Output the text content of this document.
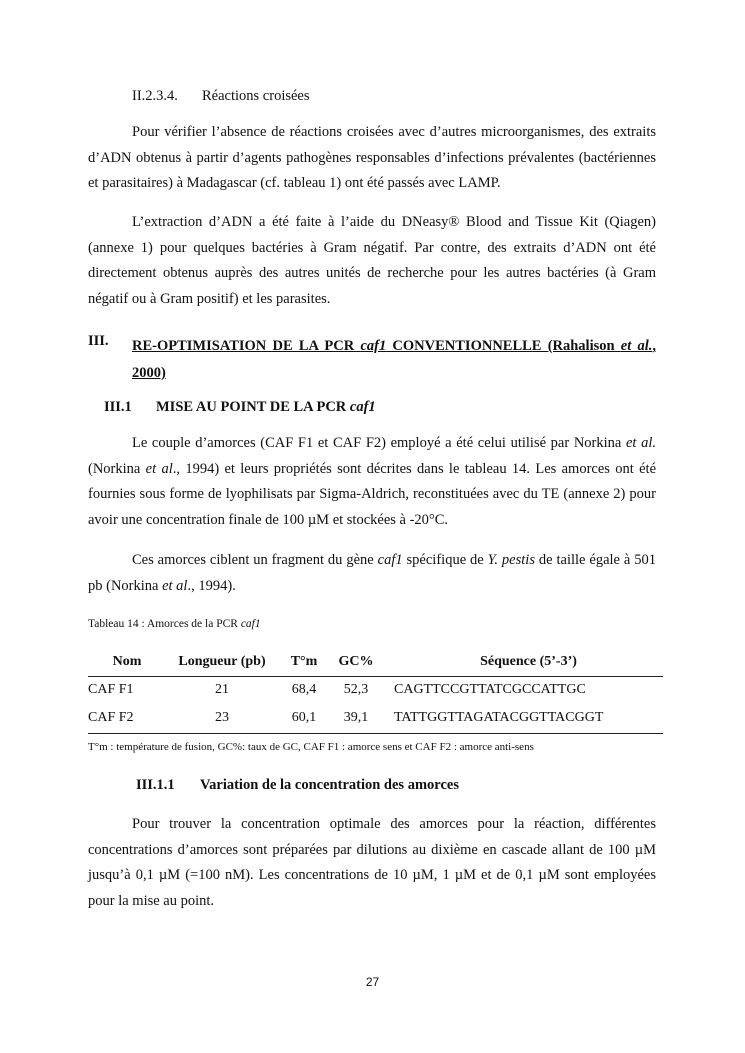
II.2.3.4. Réactions croisées
Pour vérifier l’absence de réactions croisées avec d’autres microorganismes, des extraits d’ADN obtenus à partir d’agents pathogènes responsables d’infections prévalentes (bactériennes et parasitaires) à Madagascar (cf. tableau 1) ont été passés avec LAMP.
L’extraction d’ADN a été faite à l’aide du DNeasy® Blood and Tissue Kit (Qiagen) (annexe 1) pour quelques bactéries à Gram négatif. Par contre, des extraits d’ADN ont été directement obtenus auprès des autres unités de recherche pour les autres bactéries (à Gram négatif ou à Gram positif) et les parasites.
III. RE-OPTIMISATION DE LA PCR caf1 CONVENTIONNELLE (Rahalison et al., 2000)
III.1 MISE AU POINT DE LA PCR caf1
Le couple d’amorces (CAF F1 et CAF F2) employé a été celui utilisé par Norkina et al. (Norkina et al., 1994) et leurs propriétés sont décrites dans le tableau 14. Les amorces ont été fournies sous forme de lyophilisats par Sigma-Aldrich, reconstituées avec du TE (annexe 2) pour avoir une concentration finale de 100 µM et stockées à -20°C.
Ces amorces ciblent un fragment du gène caf1 spécifique de Y. pestis de taille égale à 501 pb (Norkina et al., 1994).
Tableau 14 : Amorces de la PCR caf1
Nom	Longueur (pb)	T°m	GC%	Séquence (5’-3’)
CAF F1	21	68,4	52,3	CAGTTCCGTTATCGCCATTGC
CAF F2	23	60,1	39,1	TATTGGTTAGATACGGTTACGGT
T°m : température de fusion, GC%: taux de GC, CAF F1 : amorce sens et CAF F2 : amorce anti-sens
III.1.1 Variation de la concentration des amorces
Pour trouver la concentration optimale des amorces pour la réaction, différentes concentrations d’amorces sont préparées par dilutions au dixième en cascade allant de 100 µM jusqu’à 0,1 µM (=100 nM). Les concentrations de 10 µM, 1 µM et de 0,1 µM sont employées pour la mise au point.
27
